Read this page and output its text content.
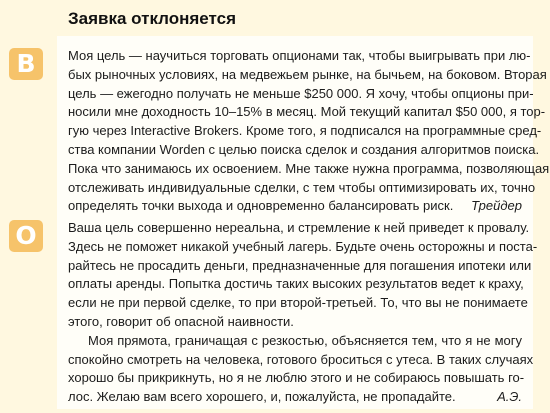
Заявка отклоняется
В	Моя цель — научиться торговать опционами так, чтобы выигрывать при лю-
бых рыночных условиях, на медвежьем рынке, на бычьем, на боковом. Вторая
цель — ежегодно получать не меньше $250 000. Я хочу, чтобы опционы при-
носили мне доходность 10–15% в месяц. Мой текущий капитал $50 000, я тор-
гую через Interactive Brokers. Кроме того, я подписался на программные сред-
ства компании Worden с целью поиска сделок и создания алгоритмов поиска.
Пока что занимаюсь их освоением. Мне также нужна программа, позволяющая
отслеживать индивидуальные сделки, с тем чтобы оптимизировать их, точно
определять точки выхода и одновременно балансировать риск.	Трейдер

О	Ваша цель совершенно нереальна, и стремление к ней приведет к провалу.
Здесь не поможет никакой учебный лагерь. Будьте очень осторожны и поста-
райтесь не просадить деньги, предназначенные для погашения ипотеки или
оплаты аренды. Попытка достичь таких высоких результатов ведет к краху,
если не при первой сделке, то при второй-третьей. То, что вы не понимаете
этого, говорит об опасной наивности.

Моя прямота, граничащая с резкостью, объясняется тем, что я не могу
спокойно смотреть на человека, готового броситься с утеса. В таких случаях
хорошо бы прикрикнуть, но я не люблю этого и не собираюсь повышать го-
лос. Желаю вам всего хорошего, и, пожалуйста, не пропадайте.	А.Э.
